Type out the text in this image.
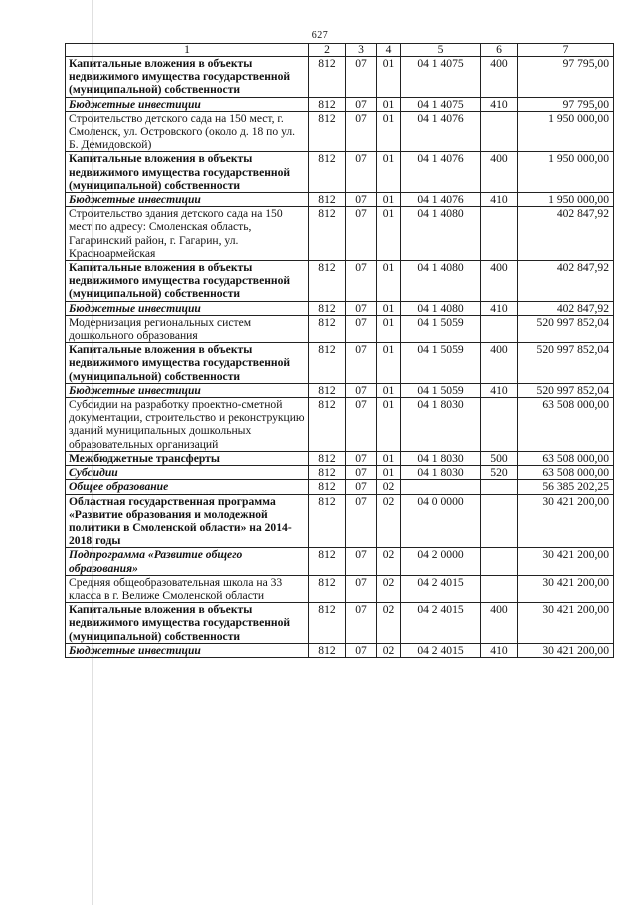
627
1	2	3	4	5	6	7
Капитальные вложения в объекты недвижимого имущества государственной (муниципальной) собственности	812	07	01	04 1 4075	400	97 795,00
Бюджетные инвестиции	812	07	01	04 1 4075	410	97 795,00
Строительство детского сада на 150 мест, г. Смоленск, ул. Островского (около д. 18 по ул. Б. Демидовской)	812	07	01	04 1 4076		1 950 000,00
Капитальные вложения в объекты недвижимого имущества государственной (муниципальной) собственности	812	07	01	04 1 4076	400	1 950 000,00
Бюджетные инвестиции	812	07	01	04 1 4076	410	1 950 000,00
Строительство здания детского сада на 150 мест по адресу: Смоленская область, Гагаринский район, г. Гагарин, ул. Красноармейская	812	07	01	04 1 4080		402 847,92
Капитальные вложения в объекты недвижимого имущества государственной (муниципальной) собственности	812	07	01	04 1 4080	400	402 847,92
Бюджетные инвестиции	812	07	01	04 1 4080	410	402 847,92
Модернизация региональных систем дошкольного образования	812	07	01	04 1 5059		520 997 852,04
Капитальные вложения в объекты недвижимого имущества государственной (муниципальной) собственности	812	07	01	04 1 5059	400	520 997 852,04
Бюджетные инвестиции	812	07	01	04 1 5059	410	520 997 852,04
Субсидии на разработку проектно-сметной документации, строительство и реконструкцию зданий муниципальных дошкольных образовательных организаций	812	07	01	04 1 8030		63 508 000,00
Межбюджетные трансферты	812	07	01	04 1 8030	500	63 508 000,00
Субсидии	812	07	01	04 1 8030	520	63 508 000,00
Общее образование	812	07	02			56 385 202,25
Областная государственная программа «Развитие образования и молодежной политики в Смоленской области» на 2014-2018 годы	812	07	02	04 0 0000		30 421 200,00
Подпрограмма «Развитие общего образования»	812	07	02	04 2 0000		30 421 200,00
Средняя общеобразовательная школа на 33 класса в г. Велиже Смоленской области	812	07	02	04 2 4015		30 421 200,00
Капитальные вложения в объекты недвижимого имущества государственной (муниципальной) собственности	812	07	02	04 2 4015	400	30 421 200,00
Бюджетные инвестиции	812	07	02	04 2 4015	410	30 421 200,00
